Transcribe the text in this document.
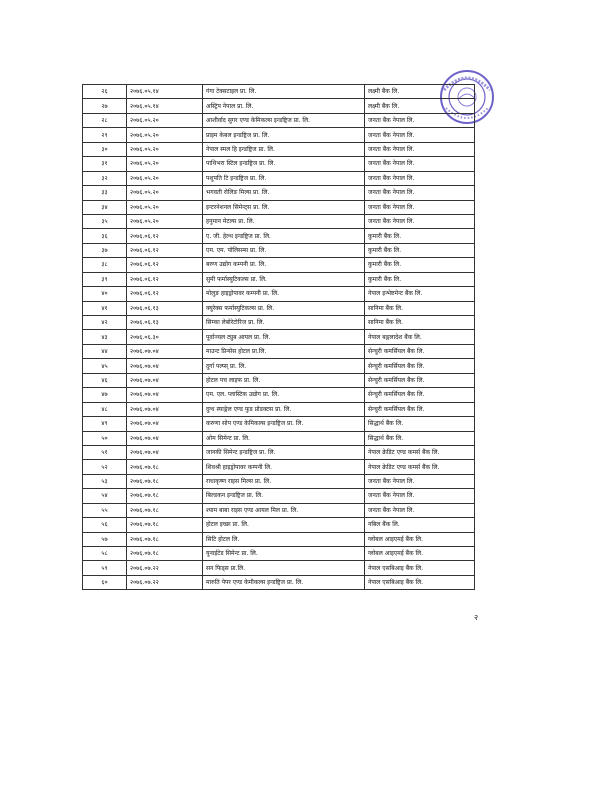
२६	२०७६.०५.१४	गंगा टेक्सटाइल प्रा. लि.	लक्ष्मी बैंक लि.
२७	२०७६.०५.१४	अस्ट्रिप नेपाल प्रा. लि.	लक्ष्मी बैंक लि.
२८	२०७६.०५.२०	आशीर्वाद सुगर एण्ड केमिकल्स इन्डष्ट्रिज प्रा. लि.	जनता बैंक नेपाल लि.
२९	२०७६.०५.२०	प्राइम केबल इन्डष्ट्रिज प्रा. लि.	जनता बैंक नेपाल लि.
३०	२०७६.०५.२०	नेपाल स्मल हि इन्डष्ट्रिज प्रा. लि.	जनता बैंक नेपाल लि.
३१	२०७६.०५.२०	पाथिभरा स्टिल इन्डष्ट्रिज प्रा. लि.	जनता बैंक नेपाल लि.
३२	२०७६.०५.२०	पशुपति टि इन्डष्ट्रिज प्रा. लि.	जनता बैंक नेपाल लि.
३३	२०७६.०५.२०	भगवती रोलिङ मिल्स प्रा. लि.	जनता बैंक नेपाल लि.
३४	२०७६.०५.२०	इन्टरनेशनल सिमेन्ट्स प्रा. लि.	जनता बैंक नेपाल लि.
३५	२०७६.०५.२०	हनुमान मेटल्स प्रा. लि.	जनता बैंक नेपाल लि.
३६	२०७६.०६.१२	ए. जी. हेल्थ इन्डष्ट्रिज प्रा. लि.	कुमारी बैंक लि.
३७	२०७६.०६.१२	एम. एम. पोलिसम्स प्रा. लि.	कुमारी बैंक लि.
३८	२०७६.०६.१२	बरुण उद्योग कम्पनी प्रा. लि.	कुमारी बैंक लि.
३९	२०७६.०६.१२	सुमी फर्मास्युटिकल्स प्रा. लि.	कुमारी बैंक लि.
४०	२०७६.०६.१२	मोलुङ हाइड्रोपावर कम्पनी प्रा. लि.	नेपाल इन्भेष्टमेन्ट बैंक लि.
४१	२०७६.०६.१३	क्युरेक्स फर्मास्युटिकल्स प्रा. लि.	सानिमा बैंक लि.
४२	२०७६.०६.१३	सिम्का लेबोरेटोरिज प्रा. लि.	सानिमा बैंक लि.
४३	२०७६.०६.३०	पूर्वाञ्चल ट्युब आयल प्रा. लि.	नेपाल बङ्गलादेश बैंक लि.
४४	२०७६.०७.०४	माउन्ट प्रिन्सेस होटल प्रा.लि.	सेन्चुरी कमर्सियल बैंक लि.
४५	२०७६.०७.०४	दुर्गा पल्प्स् प्रा. लि.	सेन्चुरी कमर्सियल बैंक लि.
४६	२०७६.०७.०४	होटल पच लाइफ प्रा. लि.	सेन्चुरी कमर्सियल बैंक लि.
४७	२०७६.०७.०४	एम. एल. प्लास्टिक उद्योग प्रा. लि.	सेन्चुरी कमर्सियल बैंक लि.
४८	२०७६.०७.०४	दुग्ध स्याङ्गेल एण्ड फुड प्रोडक्टस प्रा. लि.	सेन्चुरी कमर्सियल बैंक लि.
४९	२०७६.०७.०४	करुणा सोप एण्ड केमिकल्स इन्डष्ट्रिज प्रा. लि.	सिद्धार्थ बैंक लि.
५०	२०७६.०७.०४	ओम सिमेन्ट प्रा. लि.	सिद्धार्थ बैंक लि.
५१	२०७६.०७.०४	जानकी सिमेन्ट इन्डष्ट्रिज प्रा. लि.	नेपाल क्रेडिट एण्ड कमर्स बैंक लि.
५२	२०७६.०७.१८	शिवश्री हाइड्रोपावर कम्पनी लि.	नेपाल क्रेडिट एण्ड कमर्स बैंक लि.
५३	२०७६.०७.१८	राधाकृष्ण राइस मिल्स प्रा. लि.	जनता बैंक नेपाल लि.
५४	२०७६.०७.१८	बिल्डकन इन्डष्ट्रिज प्रा. लि.	जनता बैंक नेपाल लि.
५५	२०७६.०७.१८	श्याम बाबा राइस एण्ड आयल मिल प्रा. लि.	जनता बैंक नेपाल लि.
५६	२०७६.०७.१८	होटल इच्छा प्रा. लि.	नबिल बैंक लि.
५७	२०७६.०७.१८	सिटि होटल लि.	ग्लोबल आइएमई बैंक लि.
५८	२०७६.०७.१८	युनाईटेड सिमेन्ट प्रा. लि.	ग्लोबल आइएमई बैंक लि.
५९	२०७६.०७.२२	सन फिड्स प्रा.लि.	नेपाल एसबिआइ बैंक लि.
६०	२०७६.०७.२२	मारुति पेपर एण्ड केमीकल्स इन्डष्ट्रिज प्रा. लि.	नेपाल एसबिआइ बैंक लि.
२
